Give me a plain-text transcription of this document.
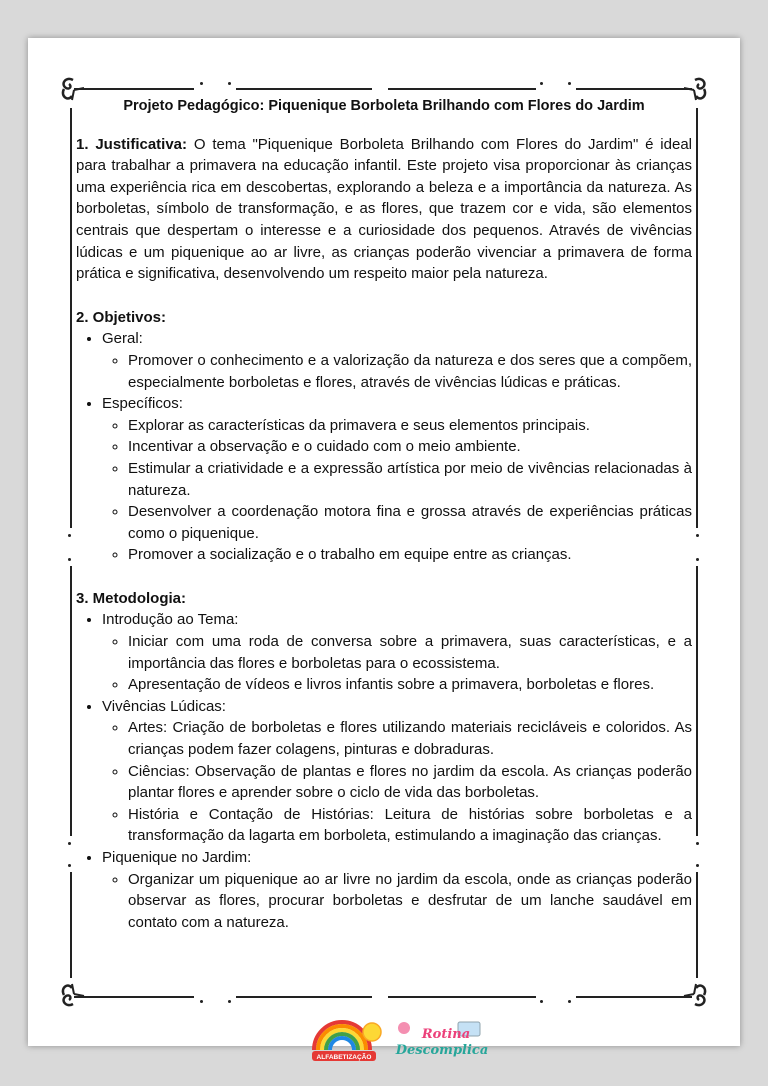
Projeto Pedagógico: Piquenique Borboleta Brilhando com Flores do Jardim

1. Justificativa: O tema "Piquenique Borboleta Brilhando com Flores do Jardim" é ideal para trabalhar a primavera na educação infantil. Este projeto visa proporcionar às crianças uma experiência rica em descobertas, explorando a beleza e a importância da natureza. As borboletas, símbolo de transformação, e as flores, que trazem cor e vida, são elementos centrais que despertam o interesse e a curiosidade dos pequenos. Através de vivências lúdicas e um piquenique ao ar livre, as crianças poderão vivenciar a primavera de forma prática e significativa, desenvolvendo um respeito maior pela natureza.

2. Objetivos:
• Geral:
◦ Promover o conhecimento e a valorização da natureza e dos seres que a compõem, especialmente borboletas e flores, através de vivências lúdicas e práticas.
• Específicos:
◦ Explorar as características da primavera e seus elementos principais.
◦ Incentivar a observação e o cuidado com o meio ambiente.
◦ Estimular a criatividade e a expressão artística por meio de vivências relacionadas à natureza.
◦ Desenvolver a coordenação motora fina e grossa através de experiências práticas como o piquenique.
◦ Promover a socialização e o trabalho em equipe entre as crianças.
3. Metodologia:
• Introdução ao Tema:
◦ Iniciar com uma roda de conversa sobre a primavera, suas características, e a importância das flores e borboletas para o ecossistema.
◦ Apresentação de vídeos e livros infantis sobre a primavera, borboletas e flores.
• Vivências Lúdicas:
◦ Artes: Criação de borboletas e flores utilizando materiais recicláveis e coloridos. As crianças podem fazer colagens, pinturas e dobraduras.
◦ Ciências: Observação de plantas e flores no jardim da escola. As crianças poderão plantar flores e aprender sobre o ciclo de vida das borboletas.
◦ História e Contação de Histórias: Leitura de histórias sobre borboletas e a transformação da lagarta em borboleta, estimulando a imaginação das crianças.
• Piquenique no Jardim:
◦ Organizar um piquenique ao ar livre no jardim da escola, onde as crianças poderão observar as flores, procurar borboletas e desfrutar de um lanche saudável em contato com a natureza.
ALFABETIZAÇÃO
Rotina
Descomplica
